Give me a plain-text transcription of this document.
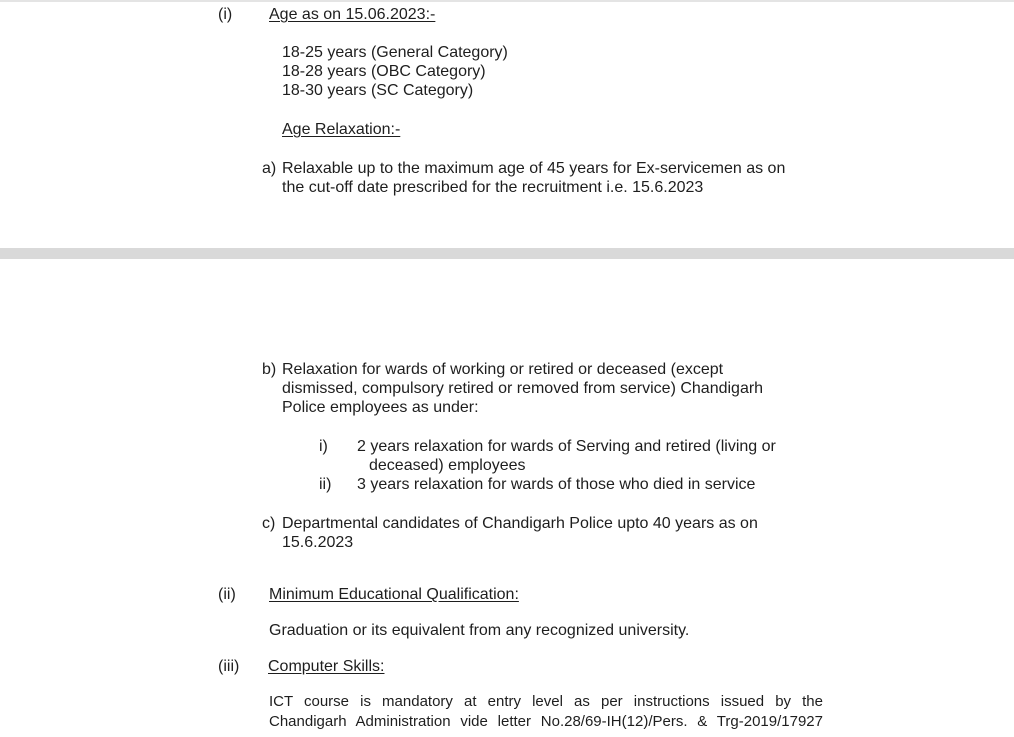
(i) Age as on 15.06.2023:-
18-25 years (General Category)
18-28 years (OBC Category)
18-30 years (SC Category)
Age Relaxation:-
a) Relaxable up to the maximum age of 45 years for Ex-servicemen as on
the cut-off date prescribed for the recruitment i.e. 15.6.2023
b) Relaxation for wards of working or retired or deceased (except
dismissed, compulsory retired or removed from service) Chandigarh
Police employees as under:
i) 2 years relaxation for wards of Serving and retired (living or
deceased) employees
ii) 3 years relaxation for wards of those who died in service
c) Departmental candidates of Chandigarh Police upto 40 years as on
15.6.2023
(ii) Minimum Educational Qualification:
Graduation or its equivalent from any recognized university.
(iii) Computer Skills:
ICT course is mandatory at entry level as per instructions issued by the
Chandigarh Administration vide letter No.28/69-IH(12)/Pers. & Trg-2019/17927
